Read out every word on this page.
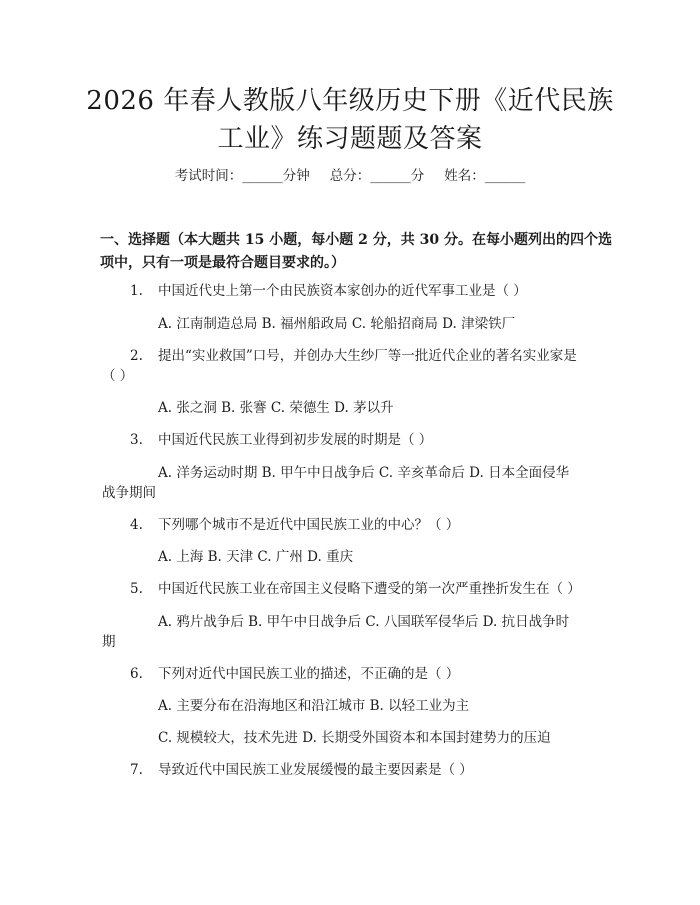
2026 年春人教版八年级历史下册《近代民族
工业》练习题题及答案
考试时间：______分钟 总分：______分 姓名：______
一、选择题（本大题共 15 小题，每小题 2 分，共 30 分。在每小题列出的四个选
项中，只有一项是最符合题目要求的。）
1. 中国近代史上第一个由民族资本家创办的近代军事工业是（ ）
A. 江南制造总局 B. 福州船政局 C. 轮船招商局 D. 津梁铁厂
2. 提出“实业救国”口号，并创办大生纱厂等一批近代企业的著名实业家是
（ ）
A. 张之洞 B. 张謇 C. 荣德生 D. 茅以升
3. 中国近代民族工业得到初步发展的时期是（ ）
A. 洋务运动时期 B. 甲午中日战争后 C. 辛亥革命后 D. 日本全面侵华
战争期间
4. 下列哪个城市不是近代中国民族工业的中心？（ ）
A. 上海 B. 天津 C. 广州 D. 重庆
5. 中国近代民族工业在帝国主义侵略下遭受的第一次严重挫折发生在（ ）
A. 鸦片战争后 B. 甲午中日战争后 C. 八国联军侵华后 D. 抗日战争时
期
6. 下列对近代中国民族工业的描述，不正确的是（ ）
A. 主要分布在沿海地区和沿江城市 B. 以轻工业为主
C. 规模较大，技术先进 D. 长期受外国资本和本国封建势力的压迫
7. 导致近代中国民族工业发展缓慢的最主要因素是（ ）
